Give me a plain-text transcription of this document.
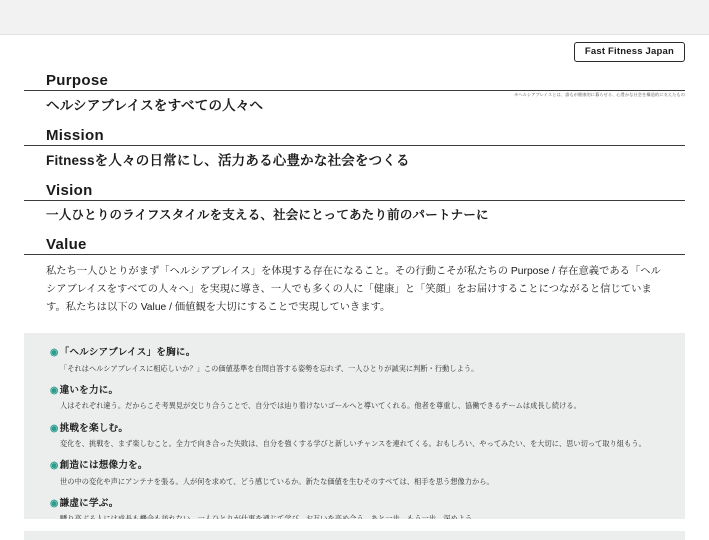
Fast Fitness Japan
Purpose
ヘルシアブレイスをすべての人々へ
※ヘルシアブレイスとは、誰もが健康的に暮らせる、心豊かな社会を構造的に支えたもの
Mission
Fitnessを人々の日常にし、活力ある心豊かな社会をつくる
Vision
一人ひとりのライフスタイルを支える、社会にとってあたり前のパートナーに
Value
私たち一人ひとりがまず「ヘルシアブレイス」を体現する存在になること。その行動こそが私たちの Purpose / 存在意義である「ヘルシアブレイスをすべての人々へ」を実現に導き、一人でも多くの人に「健康」と「笑顔」をお届けすることにつながると信じています。私たちは以下の Value / 価値観を大切にすることで実現していきます。
◉「ヘルシアブレイス」を胸に。
「それはヘルシアブレイスに相応しいか？」この価値基準を自問自答する姿勢を忘れず、一人ひとりが誠実に判断・行動しよう。
◉違いを力に。
人はそれぞれ違う。だからこそ考異見が交じり合うことで、自分では辿り着けないゴールへと導いてくれる。他者を尊重し、協働できるチームは成長し続ける。
◉挑戦を楽しむ。
変化を、挑戦を、まず楽しむこと。全力で向き合った失敗は、自分を強くする学びと新しいチャンスを連れてくる。おもしろい、やってみたい、を大切に、思い切って取り組もう。
◉創造には想像力を。
世の中の変化や声にアンテナを張る。人が何を求めて、どう感じているか。新たな価値を生むそのすべては、相手を思う想像力から。
◉謙虚に学ぶ。
